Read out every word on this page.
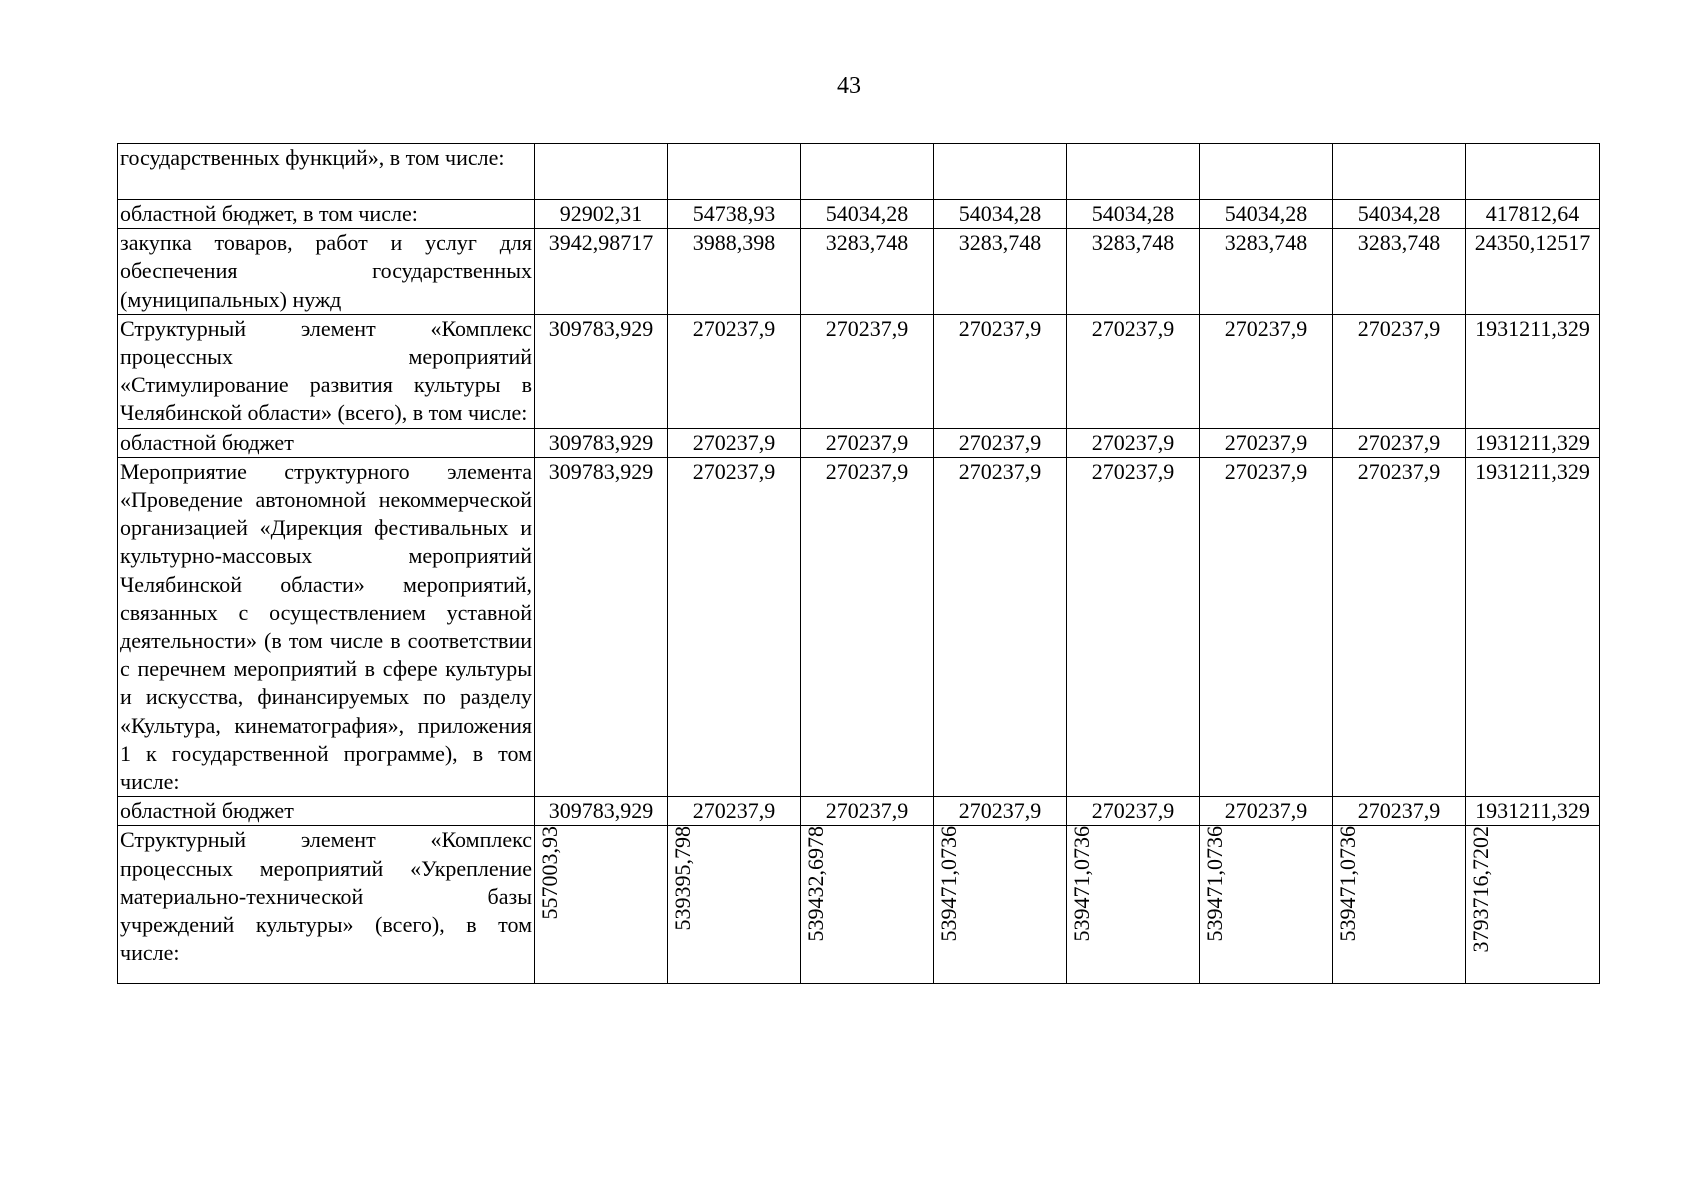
43
государственных функций», в том числе:								
областной бюджет, в том числе:	92902,31	54738,93	54034,28	54034,28	54034,28	54034,28	54034,28	417812,64
закупка товаров, работ и услуг для обеспечения государственных (муниципальных) нужд	3942,98717	3988,398	3283,748	3283,748	3283,748	3283,748	3283,748	24350,12517
Структурный элемент «Комплекс процессных мероприятий «Стимулирование развития культуры в Челябинской области» (всего), в том числе:	309783,929	270237,9	270237,9	270237,9	270237,9	270237,9	270237,9	1931211,329
областной бюджет	309783,929	270237,9	270237,9	270237,9	270237,9	270237,9	270237,9	1931211,329
Мероприятие структурного элемента «Проведение автономной некоммерческой организацией «Дирекция фестивальных и культурно-массовых мероприятий Челябинской области» мероприятий, связанных с осуществлением уставной деятельности» (в том числе в соответствии с перечнем мероприятий в сфере культуры и искусства, финансируемых по разделу «Культура, кинематография», приложения 1 к государственной программе), в том числе:	309783,929	270237,9	270237,9	270237,9	270237,9	270237,9	270237,9	1931211,329
областной бюджет	309783,929	270237,9	270237,9	270237,9	270237,9	270237,9	270237,9	1931211,329
Структурный элемент «Комплекс процессных мероприятий «Укрепление материально-технической базы учреждений культуры» (всего), в том числе:	557003,93	539395,798	539432,6978	539471,0736	539471,0736	539471,0736	539471,0736	3793716,7202
